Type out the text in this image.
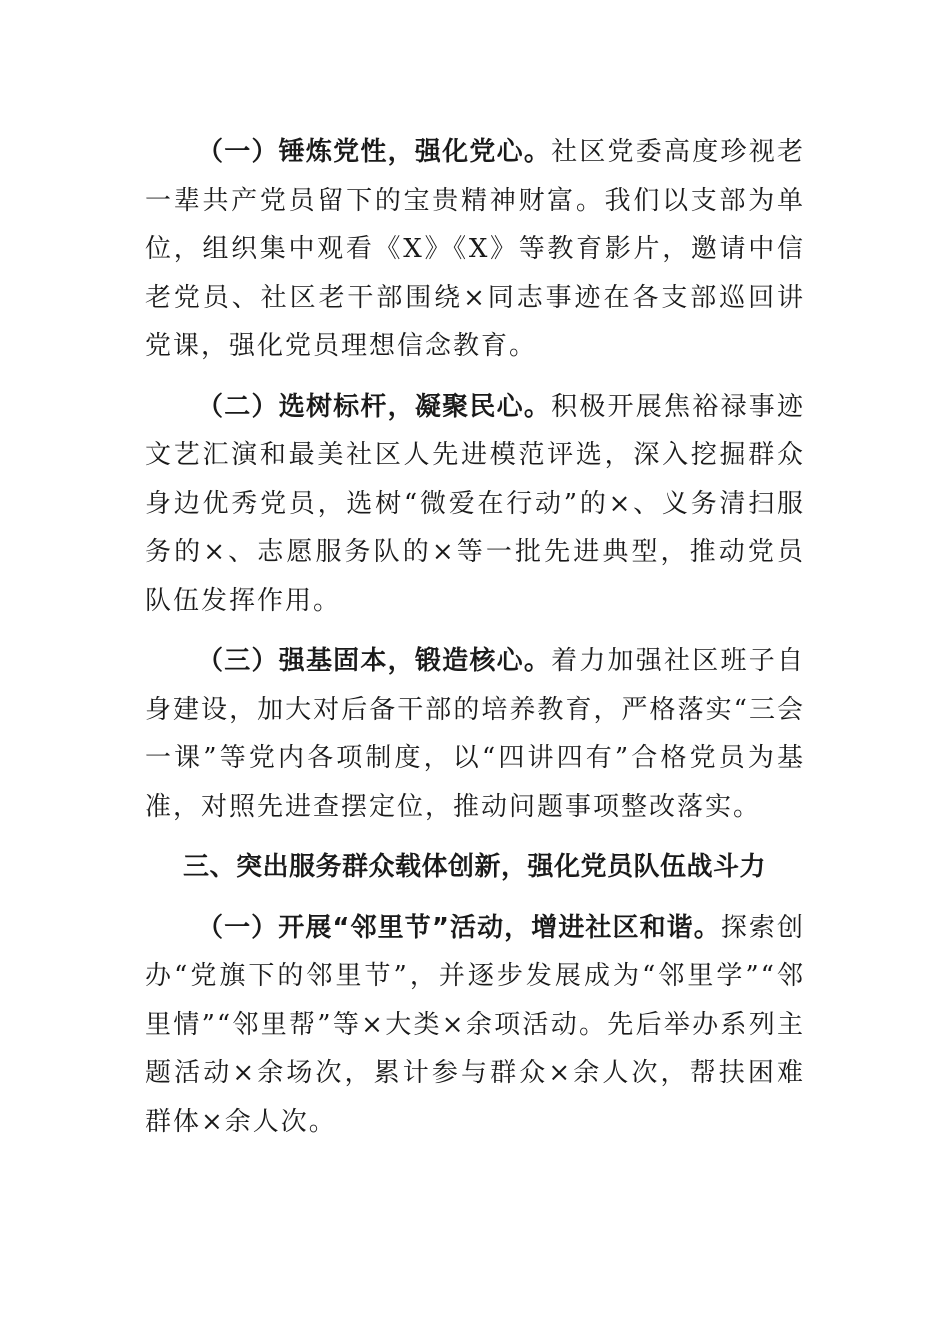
（一）锤炼党性，强化党心。社区党委高度珍视老一辈共产党员留下的宝贵精神财富。我们以支部为单位，组织集中观看《X》《X》等教育影片，邀请中信老党员、社区老干部围绕×同志事迹在各支部巡回讲党课，强化党员理想信念教育。

（二）选树标杆，凝聚民心。积极开展焦裕禄事迹文艺汇演和最美社区人先进模范评选，深入挖掘群众身边优秀党员，选树“微爱在行动”的×、义务清扫服务的×、志愿服务队的×等一批先进典型，推动党员队伍发挥作用。

（三）强基固本，锻造核心。着力加强社区班子自身建设，加大对后备干部的培养教育，严格落实“三会一课”等党内各项制度，以“四讲四有”合格党员为基准，对照先进查摆定位，推动问题事项整改落实。

三、突出服务群众载体创新，强化党员队伍战斗力

（一）开展“邻里节”活动，增进社区和谐。探索创办“党旗下的邻里节”，并逐步发展成为“邻里学”“邻里情”“邻里帮”等×大类×余项活动。先后举办系列主题活动×余场次，累计参与群众×余人次，帮扶困难群体×余人次。
